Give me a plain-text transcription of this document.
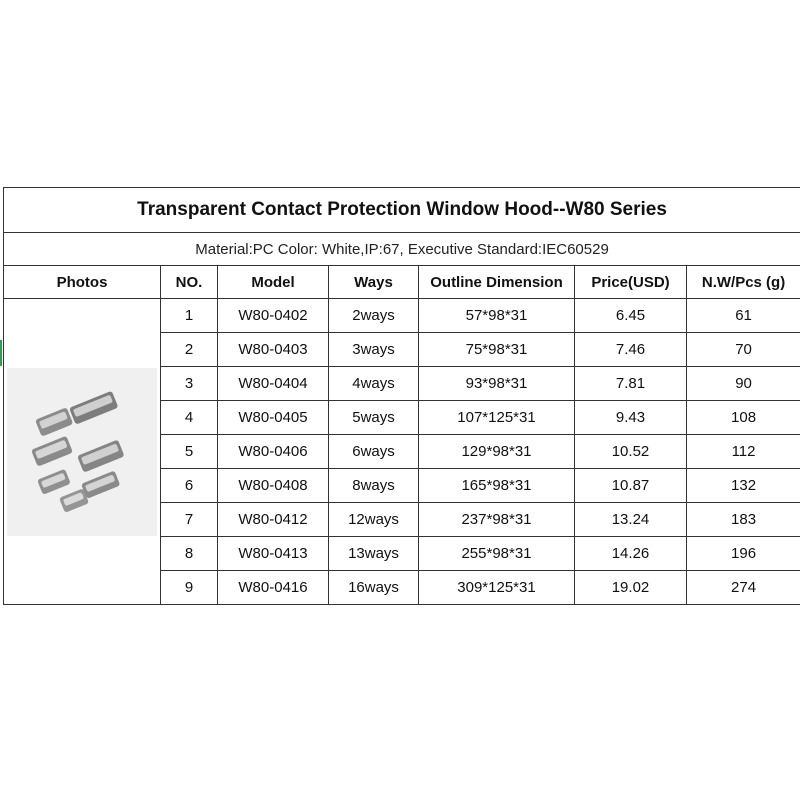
Transparent Contact Protection Window Hood--W80 Series						
Material:PC Color: White,IP:67, Executive Standard:IEC60529						
Photos	NO.	Model	Ways	Outline Dimension	Price(USD)	N.W/Pcs (g)

	1	W80-0402	2ways	57*98*31	6.45	61
	2	W80-0403	3ways	75*98*31	7.46	70
	3	W80-0404	4ways	93*98*31	7.81	90
	4	W80-0405	5ways	107*125*31	9.43	108
	5	W80-0406	6ways	129*98*31	10.52	112
	6	W80-0408	8ways	165*98*31	10.87	132
	7	W80-0412	12ways	237*98*31	13.24	183
	8	W80-0413	13ways	255*98*31	14.26	196
	9	W80-0416	16ways	309*125*31	19.02	274
